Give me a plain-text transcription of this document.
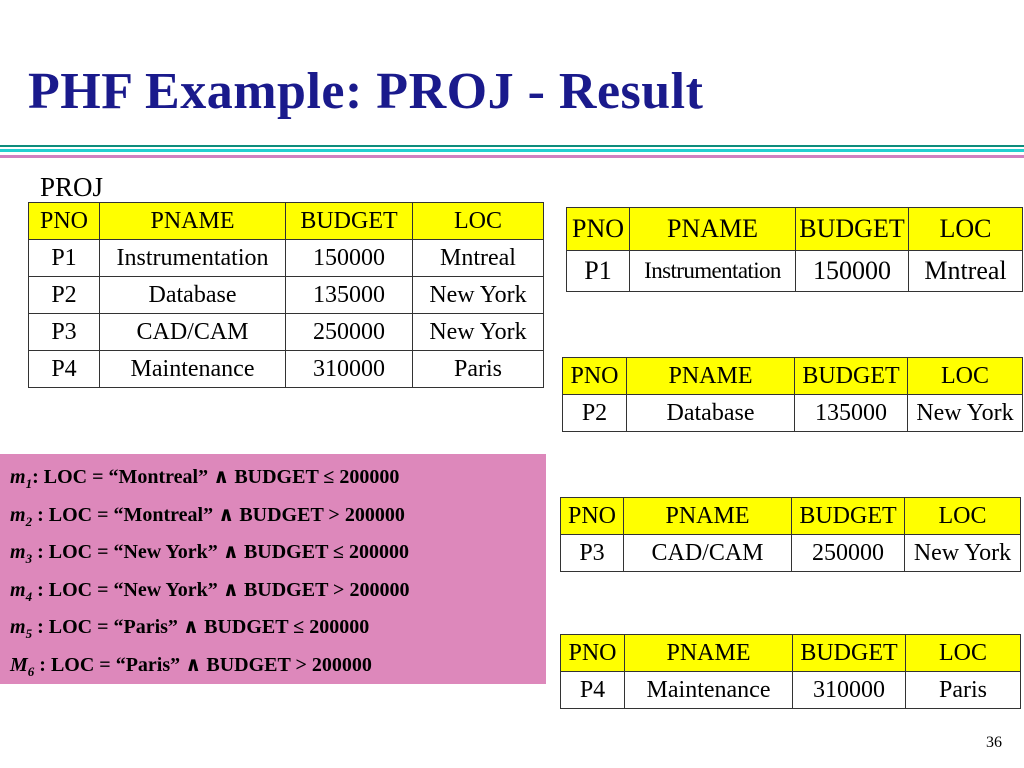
PHF Example: PROJ - Result
PROJ
PNO	PNAME	BUDGET	LOC
P1	Instrumentation	150000	Mntreal
P2	Database	135000	New York
P3	CAD/CAM	250000	New York
P4	Maintenance	310000	Paris
PNO	PNAME	BUDGET	LOC
P1	Instrumentation	150000	Mntreal
PNO	PNAME	BUDGET	LOC
P2	Database	135000	New York
PNO	PNAME	BUDGET	LOC
P3	CAD/CAM	250000	New York
PNO	PNAME	BUDGET	LOC
P4	Maintenance	310000	Paris
$m_1$: LOC = “Montreal” ∧ BUDGET ≤ 200000
$m_2$ : LOC = “Montreal” ∧ BUDGET > 200000
$m_3$ : LOC = “New York” ∧ BUDGET ≤ 200000
$m_4$ : LOC = “New York” ∧ BUDGET > 200000
$m_5$ : LOC = “Paris” ∧ BUDGET ≤ 200000
$M_6$ : LOC = “Paris” ∧ BUDGET > 200000
36
